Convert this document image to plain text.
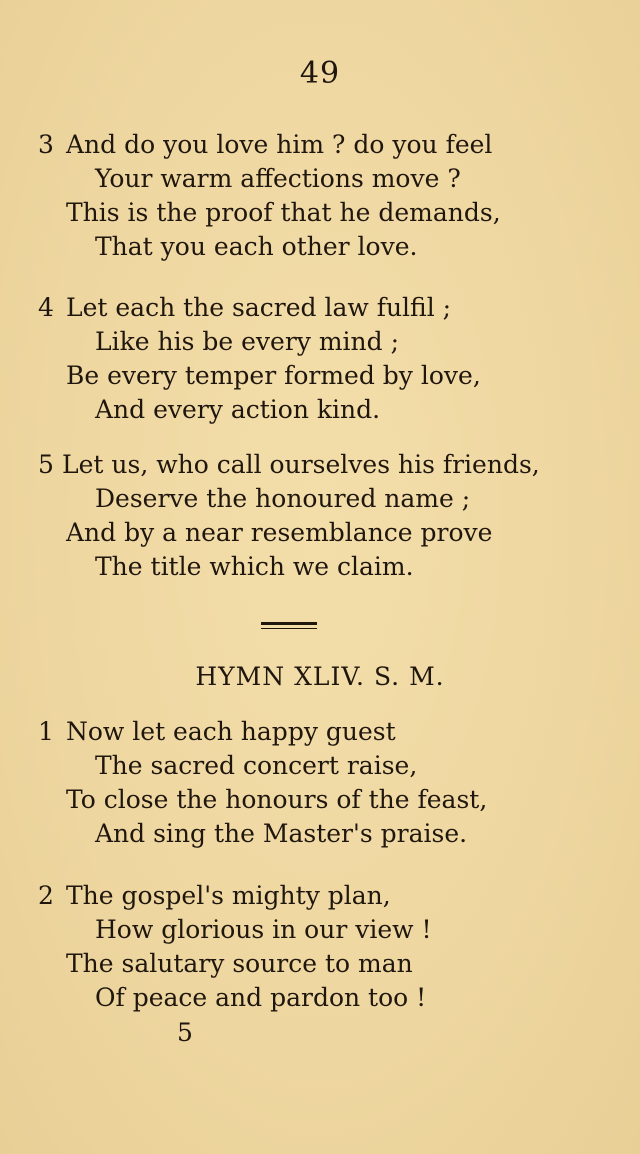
49
3 And do you love him ? do you feel
Your warm affections move ?
This is the proof that he demands,
That you each other love.
4 Let each the sacred law fulfil ;
Like his be every mind ;
Be every temper formed by love,
And every action kind.
5 Let us, who call ourselves his friends,
Deserve the honoured name ;
And by a near resemblance prove
The title which we claim.
HYMN XLIV. S. M.
1 Now let each happy guest
The sacred concert raise,
To close the honours of the feast,
And sing the Master's praise.
2 The gospel's mighty plan,
How glorious in our view !
The salutary source to man
Of peace and pardon too !
5
